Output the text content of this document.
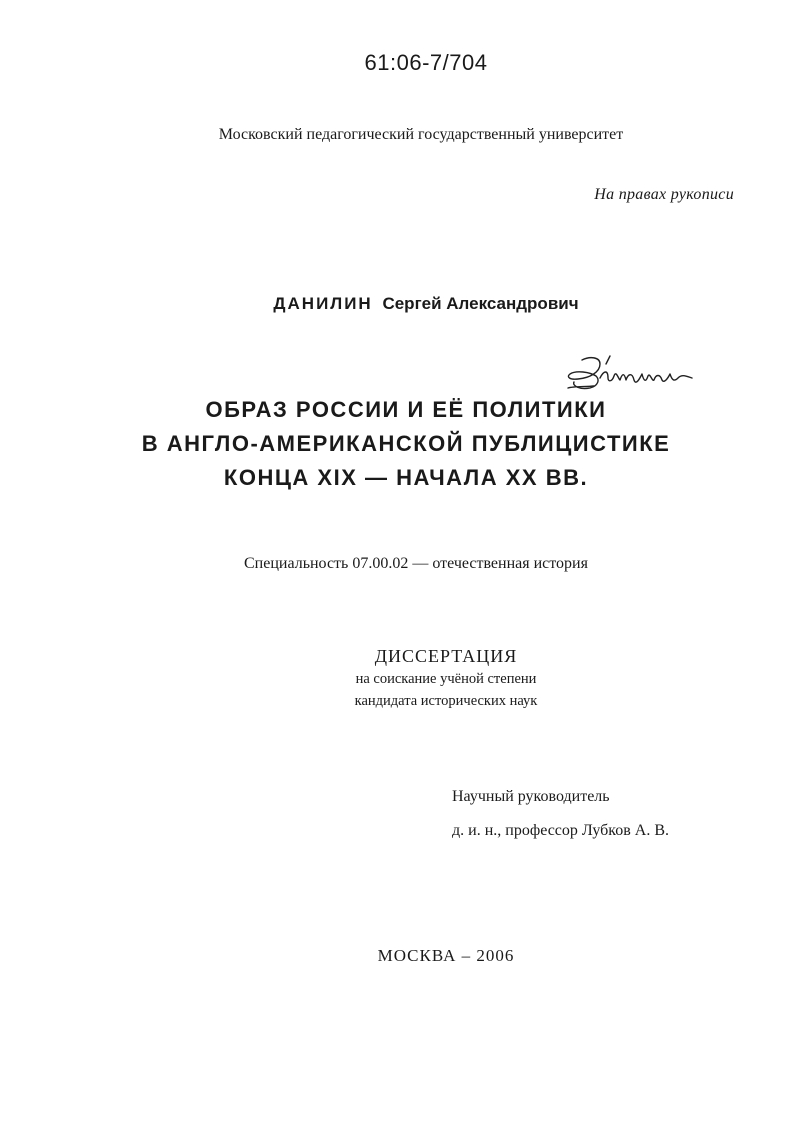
61:06-7/704
Московский педагогический государственный университет
На правах рукописи
ДАНИЛИН Сергей Александрович
ОБРАЗ РОССИИ И ЕЁ ПОЛИТИКИ
В АНГЛО-АМЕРИКАНСКОЙ ПУБЛИЦИСТИКЕ
КОНЦА XIX — НАЧАЛА XX ВВ.
Специальность 07.00.02 — отечественная история
ДИССЕРТАЦИЯ
на соискание учёной степени
кандидата исторических наук
Научный руководитель
д. и. н., профессор Лубков А. В.
МОСКВА – 2006
